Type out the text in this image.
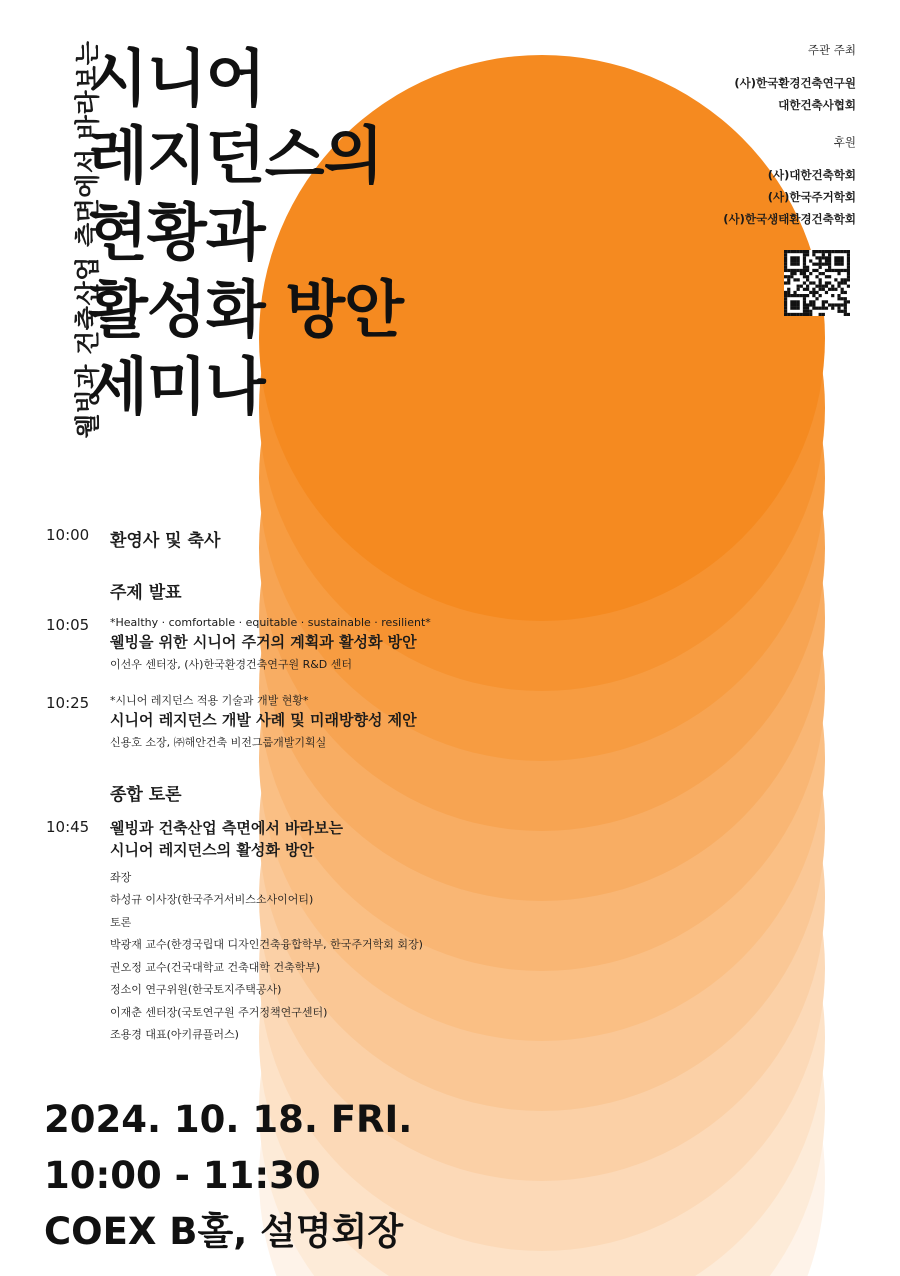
웰빙과 건축산업 측면에서 바라보는
시니어
레지던스의
현황과
활성화 방안
세미나
주관 주최
(사)한국환경건축연구원
대한건축사협회
후원
(사)대한건축학회
(사)한국주거학회
(사)한국생태환경건축학회
10:00 환영사 및 축사
주제 발표
10:05 *Healthy · comfortable · equitable · sustainable · resilient*
웰빙을 위한 시니어 주거의 계획과 활성화 방안
이선우 센터장, (사)한국환경건축연구원 R&D 센터
10:25 *시니어 레지던스 적용 기술과 개발 현황*
시니어 레지던스 개발 사례 및 미래방향성 제안
신용호 소장, ㈜해안건축 비전그룹개발기획실
종합 토론
10:45 웰빙과 건축산업 측면에서 바라보는
시니어 레지던스의 활성화 방안
좌장
하성규 이사장(한국주거서비스소사이어티)
토론
박광재 교수(한경국립대 디자인건축융합학부, 한국주거학회 회장)
권오정 교수(건국대학교 건축대학 건축학부)
정소이 연구위원(한국토지주택공사)
이재춘 센터장(국토연구원 주거정책연구센터)
조용경 대표(아키큐플러스)
2024. 10. 18. FRI.
10:00 - 11:30
COEX B홀, 설명회장
